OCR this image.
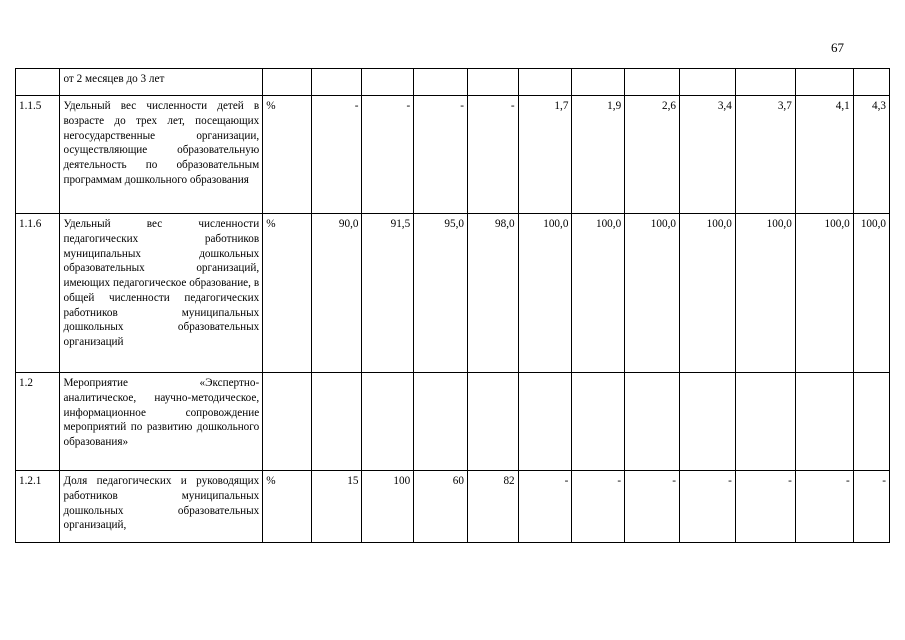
67
	от 2 месяцев до 3 лет												
1.1.5	Удельный вес численности детей в возрасте до трех лет, посещающих негосударственные организации, осуществляющие образовательную деятельность по образовательным программам дошкольного образования	%	-	-	-	-	1,7	1,9	2,6	3,4	3,7	4,1	4,3
1.1.6	Удельный вес численности педагогических работников муниципальных дошкольных образовательных организаций, имеющих педагогическое образование, в общей численности педагогических работников муниципальных дошкольных образовательных организаций	%	90,0	91,5	95,0	98,0	100,0	100,0	100,0	100,0	100,0	100,0	100,0
1.2	Мероприятие «Экспертно-аналитическое, научно-методическое, информационное сопровождение мероприятий по развитию дошкольного образования»												
1.2.1	Доля педагогических и руководящих работников муниципальных дошкольных образовательных организаций,	%	15	100	60	82	-	-	-	-	-	-	-
